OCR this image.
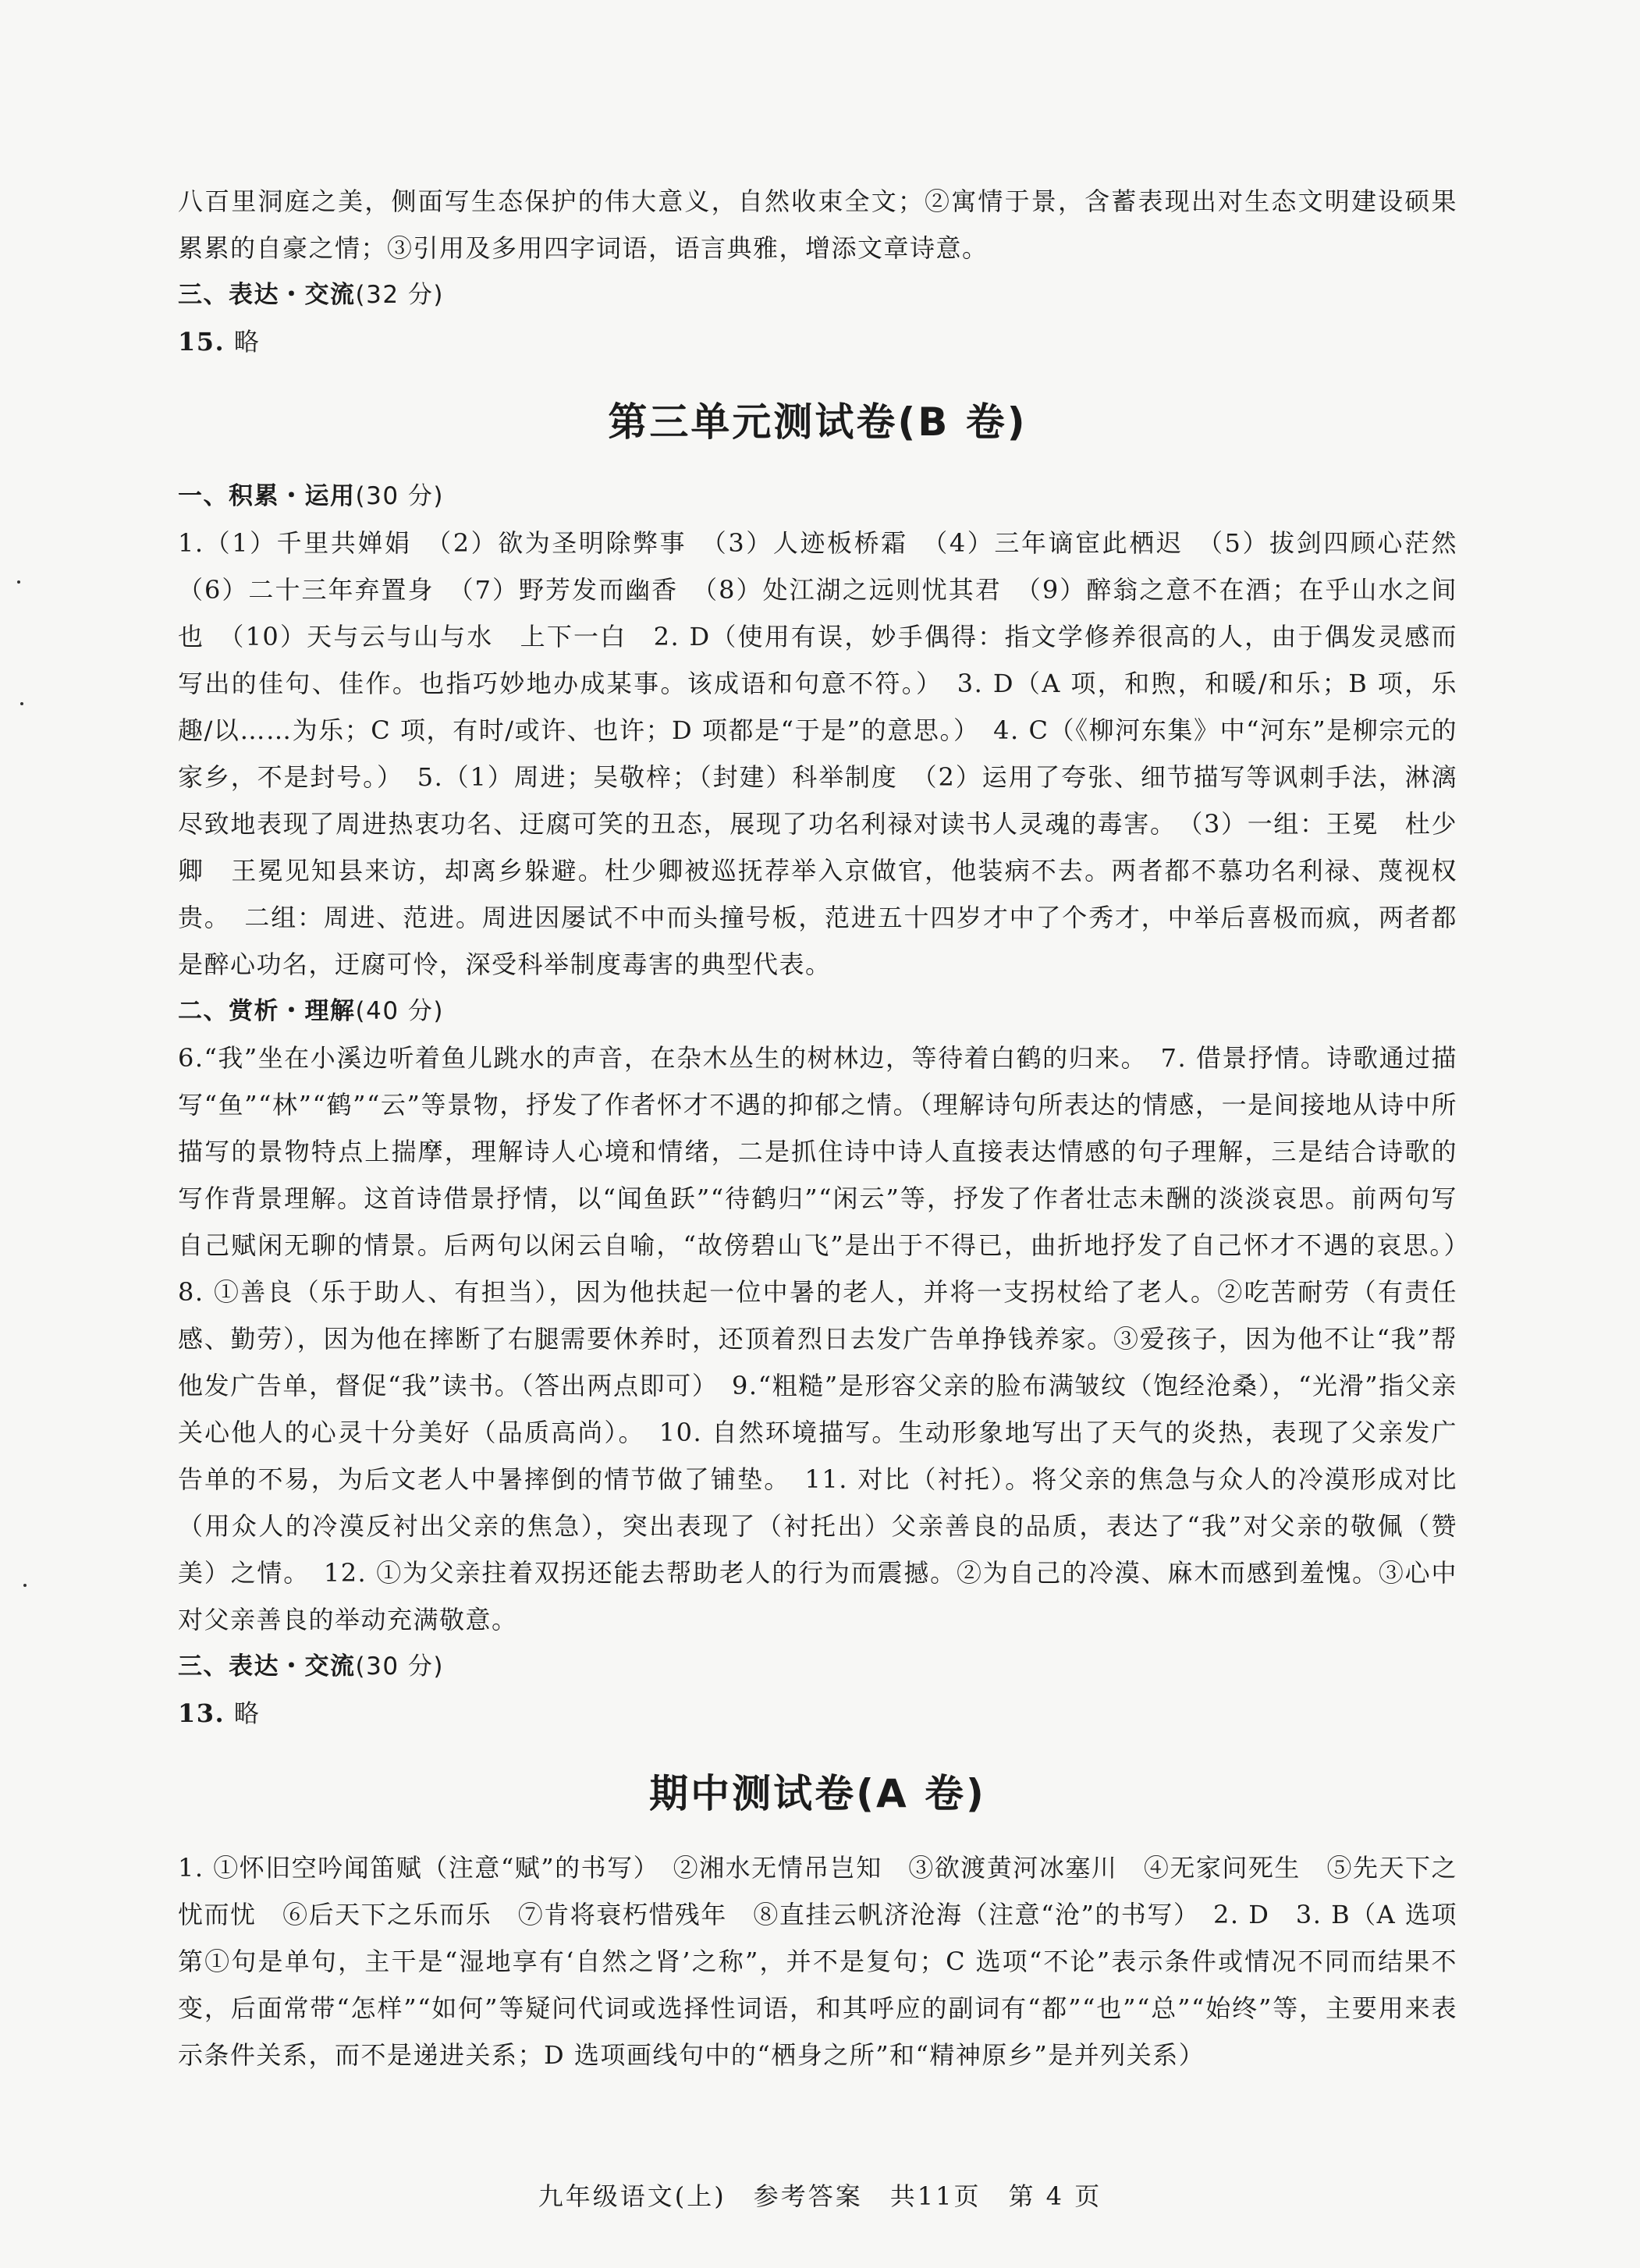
八百里洞庭之美，侧面写生态保护的伟大意义，自然收束全文；②寓情于景，含蓄表现出对生态文明建设硕果累累的自豪之情；③引用及多用四字词语，语言典雅，增添文章诗意。

三、表达・交流(32 分)

15. 略

第三单元测试卷(B 卷)

一、积累・运用(30 分)

1.（1）千里共婵娟　（2）欲为圣明除弊事　（3）人迹板桥霜　（4）三年谪宦此栖迟　（5）拔剑四顾心茫然　（6）二十三年弃置身　（7）野芳发而幽香　（8）处江湖之远则忧其君　（9）醉翁之意不在酒；在乎山水之间也　（10）天与云与山与水　上下一白　2. D（使用有误，妙手偶得：指文学修养很高的人，由于偶发灵感而写出的佳句、佳作。也指巧妙地办成某事。该成语和句意不符。）　3. D（A 项，和煦，和暖/和乐；B 项，乐趣/以……为乐；C 项，有时/或许、也许；D 项都是“于是”的意思。）　4. C（《柳河东集》中“河东”是柳宗元的家乡，不是封号。）　5.（1）周进；吴敬梓；（封建）科举制度　（2）运用了夸张、细节描写等讽刺手法，淋漓尽致地表现了周进热衷功名、迂腐可笑的丑态，展现了功名利禄对读书人灵魂的毒害。　（3）一组：王冕　杜少卿　王冕见知县来访，却离乡躲避。杜少卿被巡抚荐举入京做官，他装病不去。两者都不慕功名利禄、蔑视权贵。　二组：周进、范进。周进因屡试不中而头撞号板，范进五十四岁才中了个秀才，中举后喜极而疯，两者都是醉心功名，迂腐可怜，深受科举制度毒害的典型代表。

二、赏析・理解(40 分)

6.“我”坐在小溪边听着鱼儿跳水的声音，在杂木丛生的树林边，等待着白鹤的归来。　7. 借景抒情。诗歌通过描写“鱼”“林”“鹤”“云”等景物，抒发了作者怀才不遇的抑郁之情。（理解诗句所表达的情感，一是间接地从诗中所描写的景物特点上揣摩，理解诗人心境和情绪，二是抓住诗中诗人直接表达情感的句子理解，三是结合诗歌的写作背景理解。这首诗借景抒情，以“闻鱼跃”“待鹤归”“闲云”等，抒发了作者壮志未酬的淡淡哀思。前两句写自己赋闲无聊的情景。后两句以闲云自喻，“故傍碧山飞”是出于不得已，曲折地抒发了自己怀才不遇的哀思。）　8. ①善良（乐于助人、有担当），因为他扶起一位中暑的老人，并将一支拐杖给了老人。②吃苦耐劳（有责任感、勤劳），因为他在摔断了右腿需要休养时，还顶着烈日去发广告单挣钱养家。③爱孩子，因为他不让“我”帮他发广告单，督促“我”读书。（答出两点即可）　9.“粗糙”是形容父亲的脸布满皱纹（饱经沧桑），“光滑”指父亲关心他人的心灵十分美好（品质高尚）。　10. 自然环境描写。生动形象地写出了天气的炎热，表现了父亲发广告单的不易，为后文老人中暑摔倒的情节做了铺垫。　11. 对比（衬托）。将父亲的焦急与众人的冷漠形成对比（用众人的冷漠反衬出父亲的焦急），突出表现了（衬托出）父亲善良的品质，表达了“我”对父亲的敬佩（赞美）之情。　12. ①为父亲拄着双拐还能去帮助老人的行为而震撼。②为自己的冷漠、麻木而感到羞愧。③心中对父亲善良的举动充满敬意。

三、表达・交流(30 分)

13. 略

期中测试卷(A 卷)

1. ①怀旧空吟闻笛赋（注意“赋”的书写）　②湘水无情吊岂知　③欲渡黄河冰塞川　④无家问死生　⑤先天下之忧而忧　⑥后天下之乐而乐　⑦肯将衰朽惜残年　⑧直挂云帆济沧海（注意“沧”的书写）　2. D　3. B（A 选项第①句是单句，主干是“湿地享有‘自然之肾’之称”，并不是复句；C 选项“不论”表示条件或情况不同而结果不变，后面常带“怎样”“如何”等疑问代词或选择性词语，和其呼应的副词有“都”“也”“总”“始终”等，主要用来表示条件关系，而不是递进关系；D 选项画线句中的“栖身之所”和“精神原乡”是并列关系）

九年级语文(上)　参考答案　共11页　第 4 页
